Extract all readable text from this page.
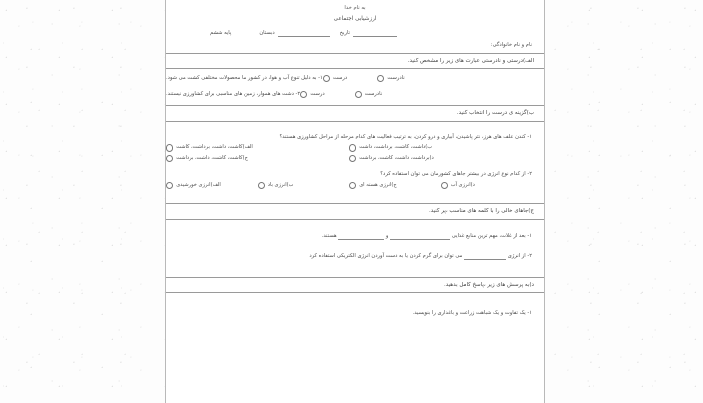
به نام خدا
ارزشیابی اجتماعی
پایه ششم	دبستان	تاریخ
نام و نام خانوادگی:
الف)درستی و نادرستی عبارت های زیر را مشخص کنید.
۱- به دلیل تنوع آب و هوا، در کشور ما محصولات مختلفی کشت می شود. درست	نادرست
۲- دشت های هموار، زمین های مناسبی برای کشاورزی نیستند. درست	نادرست
ب)گزینه ی درست را انتخاب کنید.
۱- کندن علف های هرز، نثر پاشیدن، آبیاری و درو کردن، به ترتیب فعالیت های کدام مرحله از مراحل کشاورزی هستند؟
الف)کاشت، داشت، برداشت، کاشت	ب)داشت، کاشت، برداشت، داشت
ج)کاشت، کاشت، داشت، برداشت	د)برداشت، داشت، کاشت، برداشت
۲- از کدام نوع انرژی در بیشتر جاهای کشورمان می توان استفاده کرد؟
الف)انرژی خورشیدی	ب)انرژی باد	ج)انرژی هسته ای	د)انرژی آب
ج)جاهای خالی را با کلمه های مناسب ،پر کنید.
۱- بعد از غلات، مهم ترین منابع غذایی  و  هستند.
۲- از انرژی  می توان برای گرم کردن یا به دست آوردن انرژی الکتریکی استفاده کرد
د)به پرسش های زیر ،پاسخ کامل بدهید.
۱- یک تفاوت و یک شباهت زراعت و باغداری را بنویسید.
